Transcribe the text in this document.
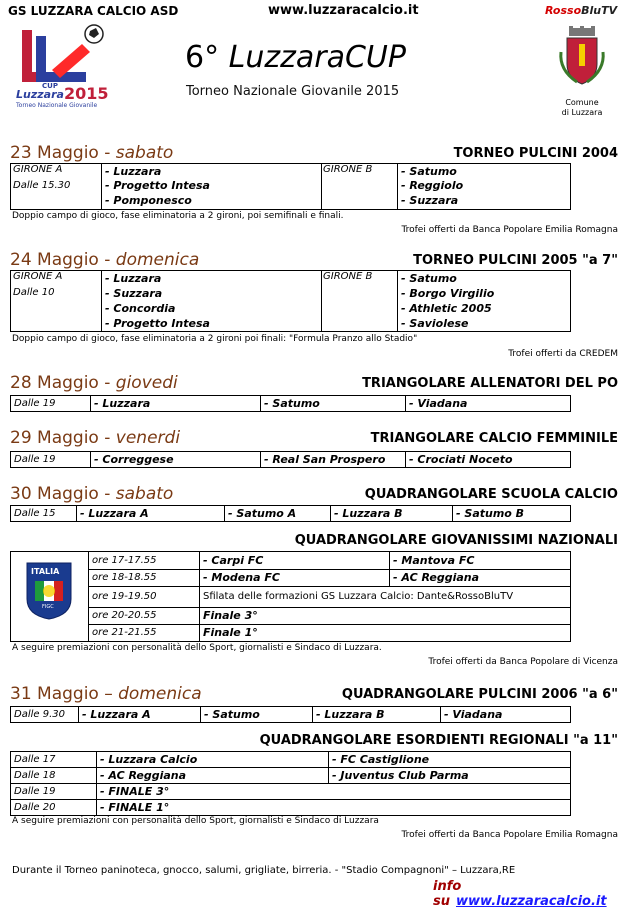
GS LUZZARA CALCIO ASD	www.luzzaracalcio.it	RossoBluTV
CUP
Luzzara 2015
Torneo Nazionale Giovanile
6° LuzzaraCUP
Torneo Nazionale Giovanile 2015
Comune
di Luzzara
23 Maggio - sabato	TORNEO PULCINI 2004
GIRONE A
Dalle 15.30
- Luzzara
- Progetto Intesa
- Pomponesco
GIRONE B	- Satumo
- Reggiolo
- Suzzara
Doppio campo di gioco, fase eliminatoria a 2 gironi, poi semifinali e finali.
Trofei offerti da Banca Popolare Emilia Romagna
24 Maggio - domenica	TORNEO PULCINI 2005 "a 7"
GIRONE A
Dalle 10
- Luzzara
- Suzzara
- Concordia
- Progetto Intesa
GIRONE B	- Satumo
- Borgo Virgilio
- Athletic 2005
- Saviolese
Doppio campo di gioco, fase eliminatoria a 2 gironi poi finali: "Formula Pranzo allo Stadio"
Trofei offerti da CREDEM
28 Maggio - giovedi	TRIANGOLARE ALLENATORI DEL PO
Dalle 19	- Luzzara	- Satumo	- Viadana
29 Maggio - venerdi	TRIANGOLARE CALCIO FEMMINILE
Dalle 19	- Correggese	- Real San Prospero	- Crociati Noceto
30 Maggio - sabato	QUADRANGOLARE SCUOLA CALCIO
Dalle 15	- Luzzara A	- Satumo A	- Luzzara B	- Satumo B
QUADRANGOLARE GIOVANISSIMI NAZIONALI
ITALIA
FIGC
ore 17-17.55	- Carpi FC	- Mantova FC
ore 18-18.55	- Modena FC	- AC Reggiana
ore 19-19.50	Sfilata delle formazioni GS Luzzara Calcio: Dante&RossoBluTV
ore 20-20.55	Finale 3°
ore 21-21.55	Finale 1°
A seguire premiazioni con personalità dello Sport, giornalisti e Sindaco di Luzzara.
Trofei offerti da Banca Popolare di Vicenza
31 Maggio – domenica	QUADRANGOLARE PULCINI 2006 "a 6"
Dalle 9.30	- Luzzara A	- Satumo	- Luzzara B	- Viadana
QUADRANGOLARE ESORDIENTI REGIONALI "a 11"
Dalle 17	- Luzzara Calcio	- FC Castiglione
Dalle 18	- AC Reggiana	- Juventus Club Parma
Dalle 19	- FINALE 3°	
Dalle 20	- FINALE 1°	
A seguire premiazioni con personalità dello Sport, giornalisti e Sindaco di Luzzara
Trofei offerti da Banca Popolare Emilia Romagna
Durante il Torneo paninoteca, gnocco, salumi, grigliate, birreria. - "Stadio Compagnoni" – Luzzara,RE
info su www.luzzaracalcio.it
